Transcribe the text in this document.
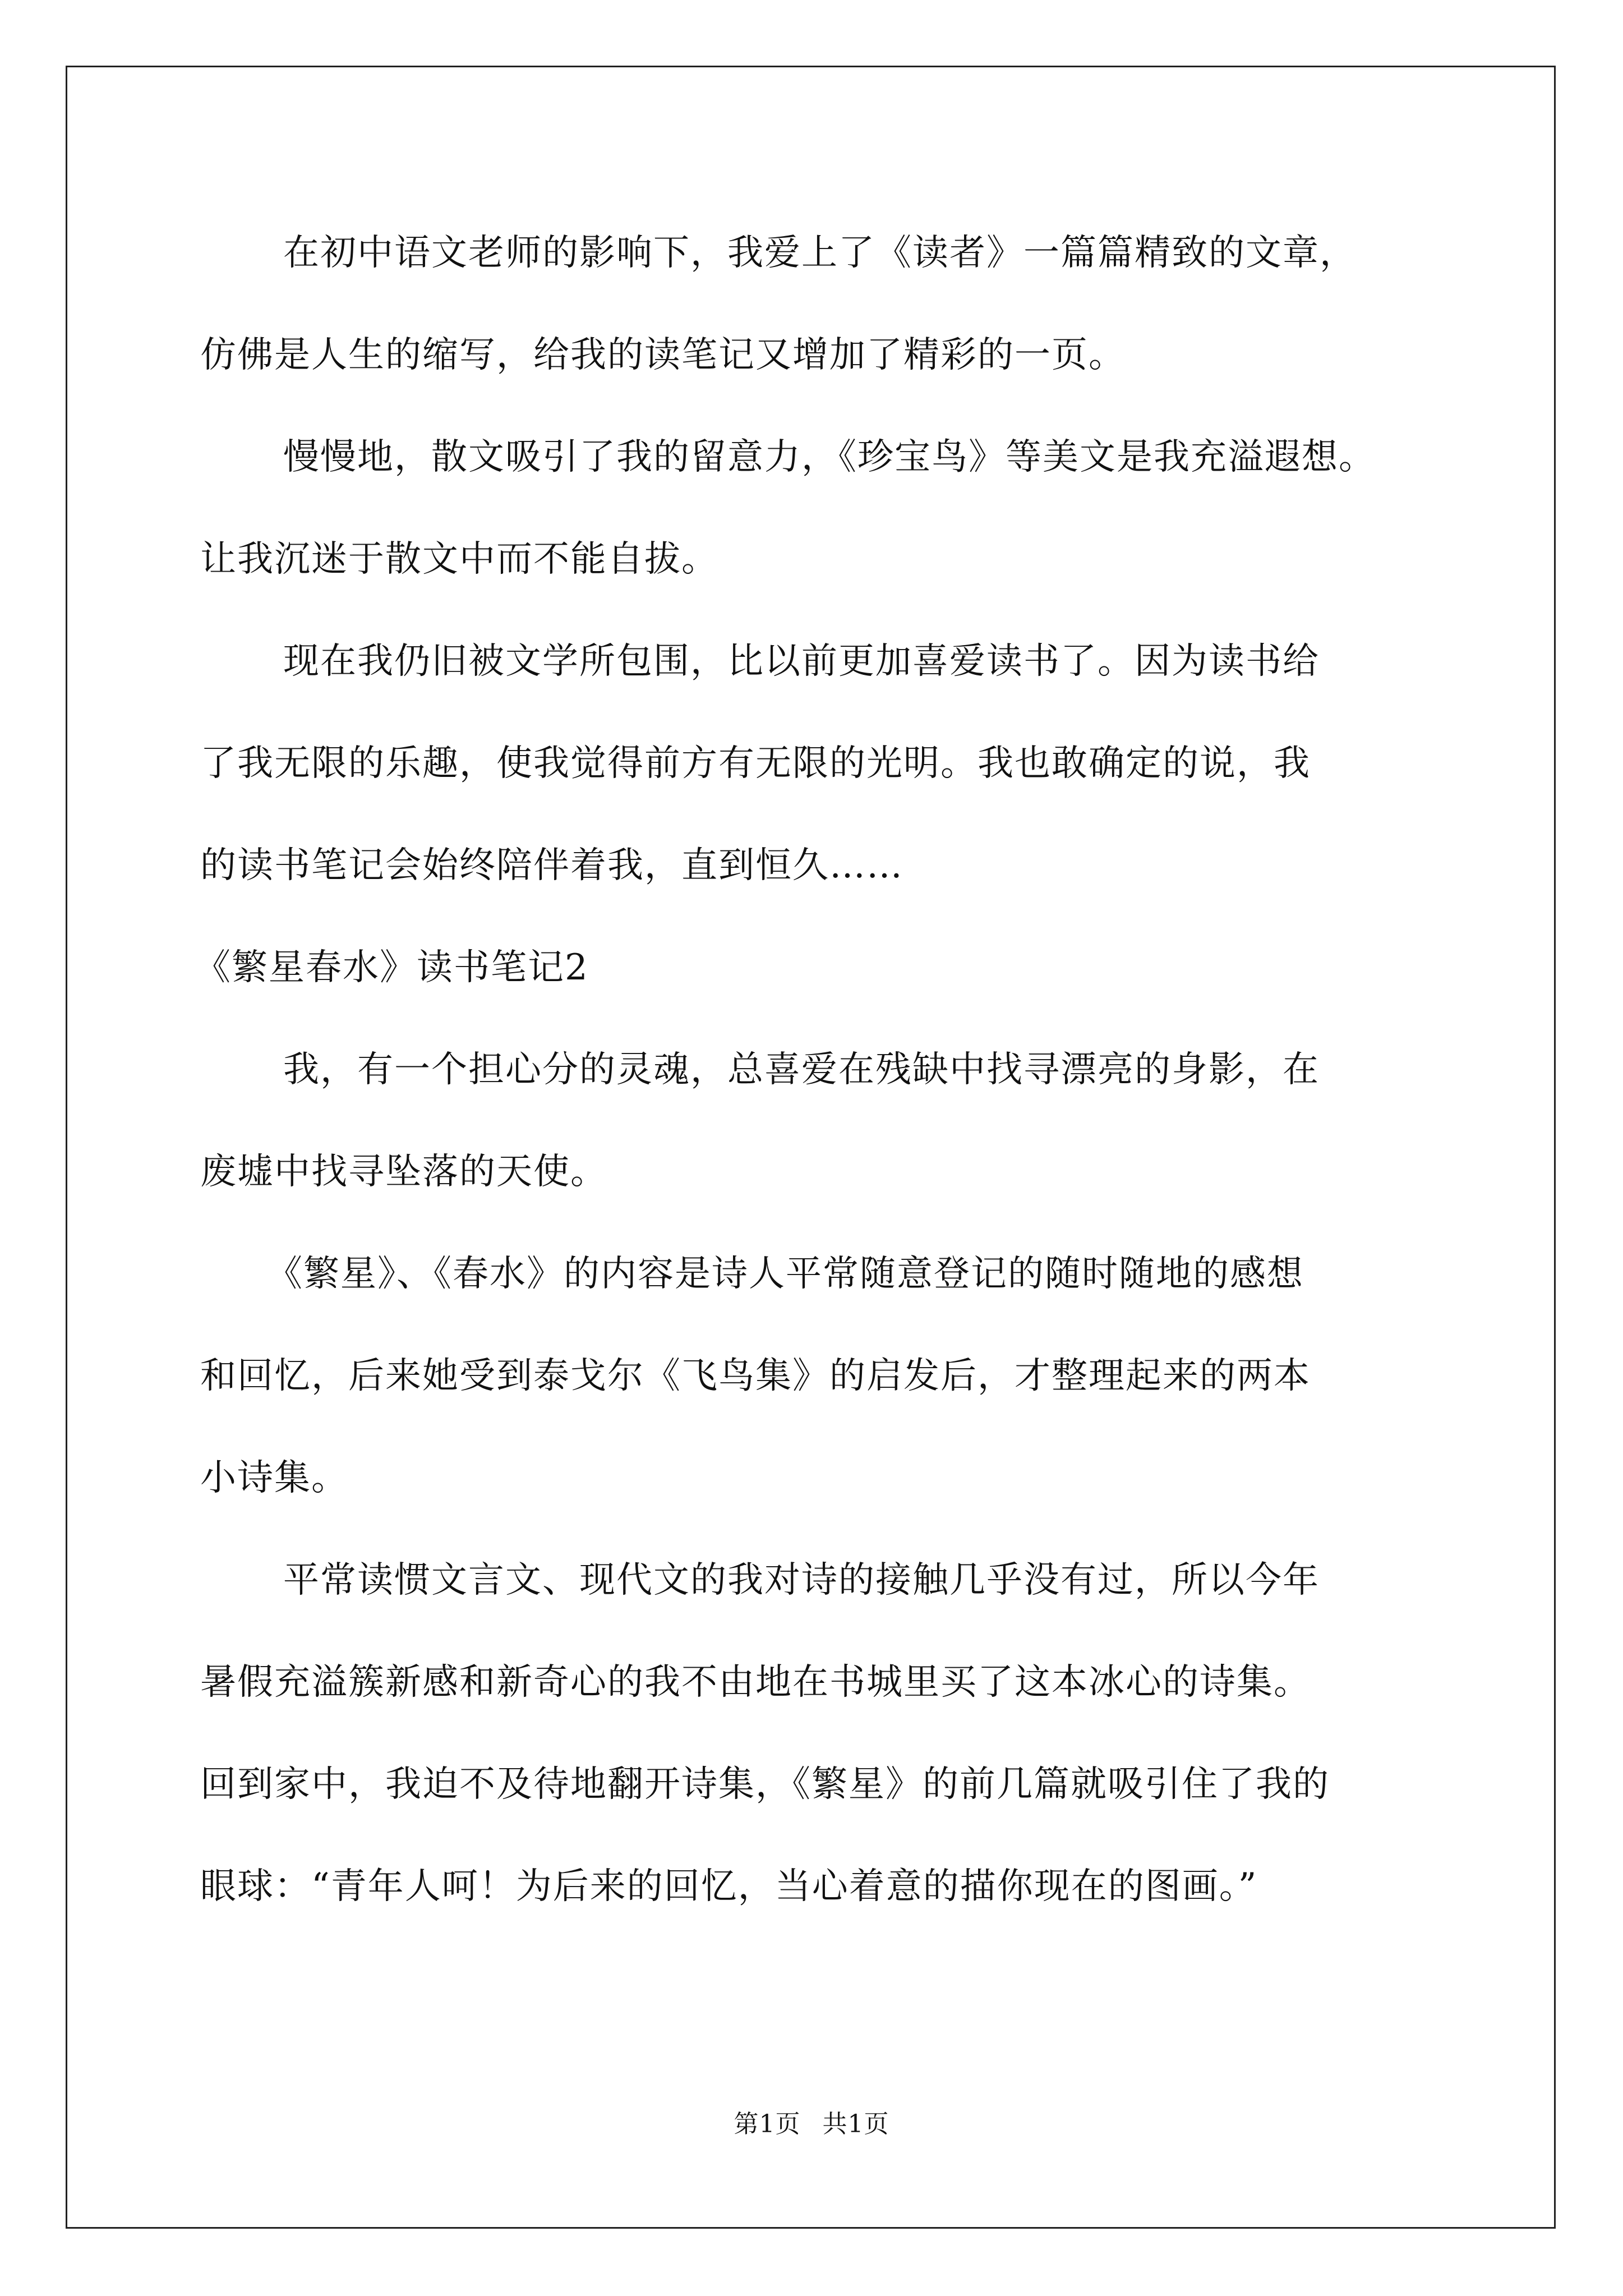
在初中语文老师的影响下，我爱上了《读者》一篇篇精致的文章，
仿佛是人生的缩写，给我的读笔记又增加了精彩的一页。
慢慢地，散文吸引了我的留意力，《珍宝鸟》等美文是我充溢遐想。
让我沉迷于散文中而不能自拔。
现在我仍旧被文学所包围，比以前更加喜爱读书了。因为读书给
了我无限的乐趣，使我觉得前方有无限的光明。我也敢确定的说，我
的读书笔记会始终陪伴着我，直到恒久……
《繁星春水》读书笔记2
我，有一个担心分的灵魂，总喜爱在残缺中找寻漂亮的身影，在
废墟中找寻坠落的天使。
《繁星》、《春水》的内容是诗人平常随意登记的随时随地的感想
和回忆，后来她受到泰戈尔《飞鸟集》的启发后，才整理起来的两本
小诗集。
平常读惯文言文、现代文的我对诗的接触几乎没有过，所以今年
暑假充溢簇新感和新奇心的我不由地在书城里买了这本冰心的诗集。
回到家中，我迫不及待地翻开诗集，《繁星》的前几篇就吸引住了我的
眼球：“青年人呵！为后来的回忆，当心着意的描你现在的图画。”
第1页 共1页
